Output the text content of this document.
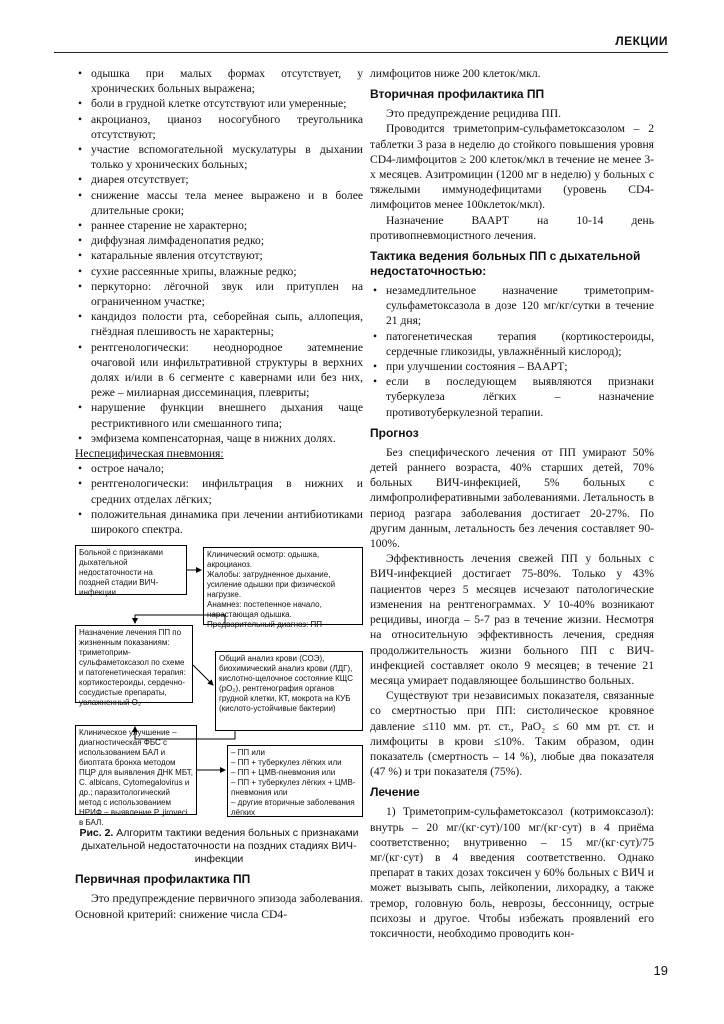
ЛЕКЦИИ
• одышка при малых формах отсутствует, у хронических больных выражена;
• боли в грудной клетке отсутствуют или умеренные;
• акроцианоз, цианоз носогубного треугольника отсутствуют;
• участие вспомогательной мускулатуры в дыхании только у хронических больных;
• диарея отсутствует;
• снижение массы тела менее выражено и в более длительные сроки;
• раннее старение не характерно;
• диффузная лимфаденопатия редко;
• катаральные явления отсутствуют;
• сухие рассеянные хрипы, влажные редко;
• перкуторно: лёгочной звук или притуплен на ограниченном участке;
• кандидоз полости рта, себорейная сыпь, аллопеция, гнёздная плешивость не характерны;
• рентгенологически: неоднородное затемнение очаговой или инфильтративной структуры в верхних долях и/или в 6 сегменте с кавернами или без них, реже – милиарная диссеминация, плевриты;
• нарушение функции внешнего дыхания чаще рестриктивного или смешанного типа;
• эмфизема компенсаторная, чаще в нижних долях.
Неспецифическая пневмония:
• острое начало;
• рентгенологически: инфильтрация в нижних и средних отделах лёгких;
• положительная динамика при лечении антибиотиками широкого спектра.
Больной с признаками дыхательной недостаточности на поздней стадии ВИЧ-инфекции
Клинический осмотр: одышка, акроцианоз.
Жалобы: затрудненное дыхание, усиление одышки при физической нагрузке.
Анамнез: постепенное начало, нарастающая одышка.
Предварительный диагноз: ПП
Назначение лечения ПП по жизненным показаниям: триметоприм-сульфаметоксазол по схеме и патогенетическая терапия: кортикостероиды, сердечно-сосудистые препараты, увлажненный O₂
Общий анализ крови (СОЭ), биохимический анализ крови (ЛДГ), кислотно-щелочное состояние КЩС (pO₂), рентгенография органов грудной клетки, КТ, мокрота на КУБ (кислото-устойчивые бактерии)
Клиническое улучшение – диагностическая ФБС с использованием БАЛ и биоптата бронха методом ПЦР для выявления ДНК МБТ, C. albicans, Cytomegalovirus и др.; паразитологический метод с использованием НРИФ – выявление P. jiroveci в БАЛ.
– ПП или
– ПП + туберкулез лёгких или
– ПП + ЦМВ-пневмония или
– ПП + туберкулез лёгких + ЦМВ-пневмония или
– другие вторичные заболевания лёгких
Рис. 2. Алгоритм тактики ведения больных с признаками дыхательной недостаточности на поздних стадиях ВИЧ-инфекции
Первичная профилактика ПП

Это предупреждение первичного эпизода заболевания. Основной критерий: снижение числа CD4-

лимфоцитов ниже 200 клеток/мкл.

Вторичная профилактика ПП

Это предупреждение рецидива ПП.

Проводится триметоприм-сульфаметоксазолом – 2 таблетки 3 раза в неделю до стойкого повышения уровня CD4-лимфоцитов ≥ 200 клеток/мкл в течение не менее 3-х месяцев. Азитромицин (1200 мг в неделю) у больных с тяжелыми иммунодефицитами (уровень CD4-лимфоцитов менее 100клеток/мкл).

Назначение ВААРТ на 10-14 день противопневмоцистного лечения.

Тактика ведения больных ПП с дыхательной недостаточностью:
• незамедлительное назначение триметоприм-сульфаметоксазола в дозе 120 мг/кг/сутки в течение 21 дня;
• патогенетическая терапия (кортикостероиды, сердечные гликозиды, увлажнённый кислород);
• при улучшении состояния – ВААРТ;
• если в последующем выявляются признаки туберкулеза лёгких – назначение противотуберкулезной терапии.
Прогноз

Без специфического лечения от ПП умирают 50% детей раннего возраста, 40% старших детей, 70% больных ВИЧ-инфекцией, 5% больных с лимфопролиферативными заболеваниями. Летальность в период разгара заболевания достигает 20-27%. По другим данным, летальность без лечения составляет 90-100%.

Эффективность лечения свежей ПП у больных с ВИЧ-инфекцией достигает 75-80%. Только у 43% пациентов через 5 месяцев исчезают патологические изменения на рентгенограммах. У 10-40% возникают рецидивы, иногда – 5-7 раз в течение жизни. Несмотря на относительную эффективность лечения, средняя продолжительность жизни больного ПП с ВИЧ-инфекцией составляет около 9 месяцев; в течение 21 месяца умирает подавляющее большинство больных.

Существуют три независимых показателя, связанные со смертностью при ПП: систолическое кровяное давление ≤110 мм. рт. ст., PaO₂ ≤ 60 мм рт. ст. и лимфоциты в крови ≤10%. Таким образом, один показатель (смертность – 14 %), любые два показателя (47 %) и три показателя (75%).

Лечение

1) Триметоприм-сульфаметоксазол (котримоксазол): внутрь – 20 мг/(кг·сут)/100 мг/(кг·сут) в 4 приёма соответственно; внутривенно – 15 мг/(кг·сут)/75 мг/(кг·сут) в 4 введения соответственно. Однако препарат в таких дозах токсичен у 60% больных с ВИЧ и может вызывать сыпь, лейкопении, лихорадку, а также тремор, головную боль, неврозы, бессонницу, острые психозы и другое. Чтобы избежать проявлений его токсичности, необходимо проводить кон-

19
